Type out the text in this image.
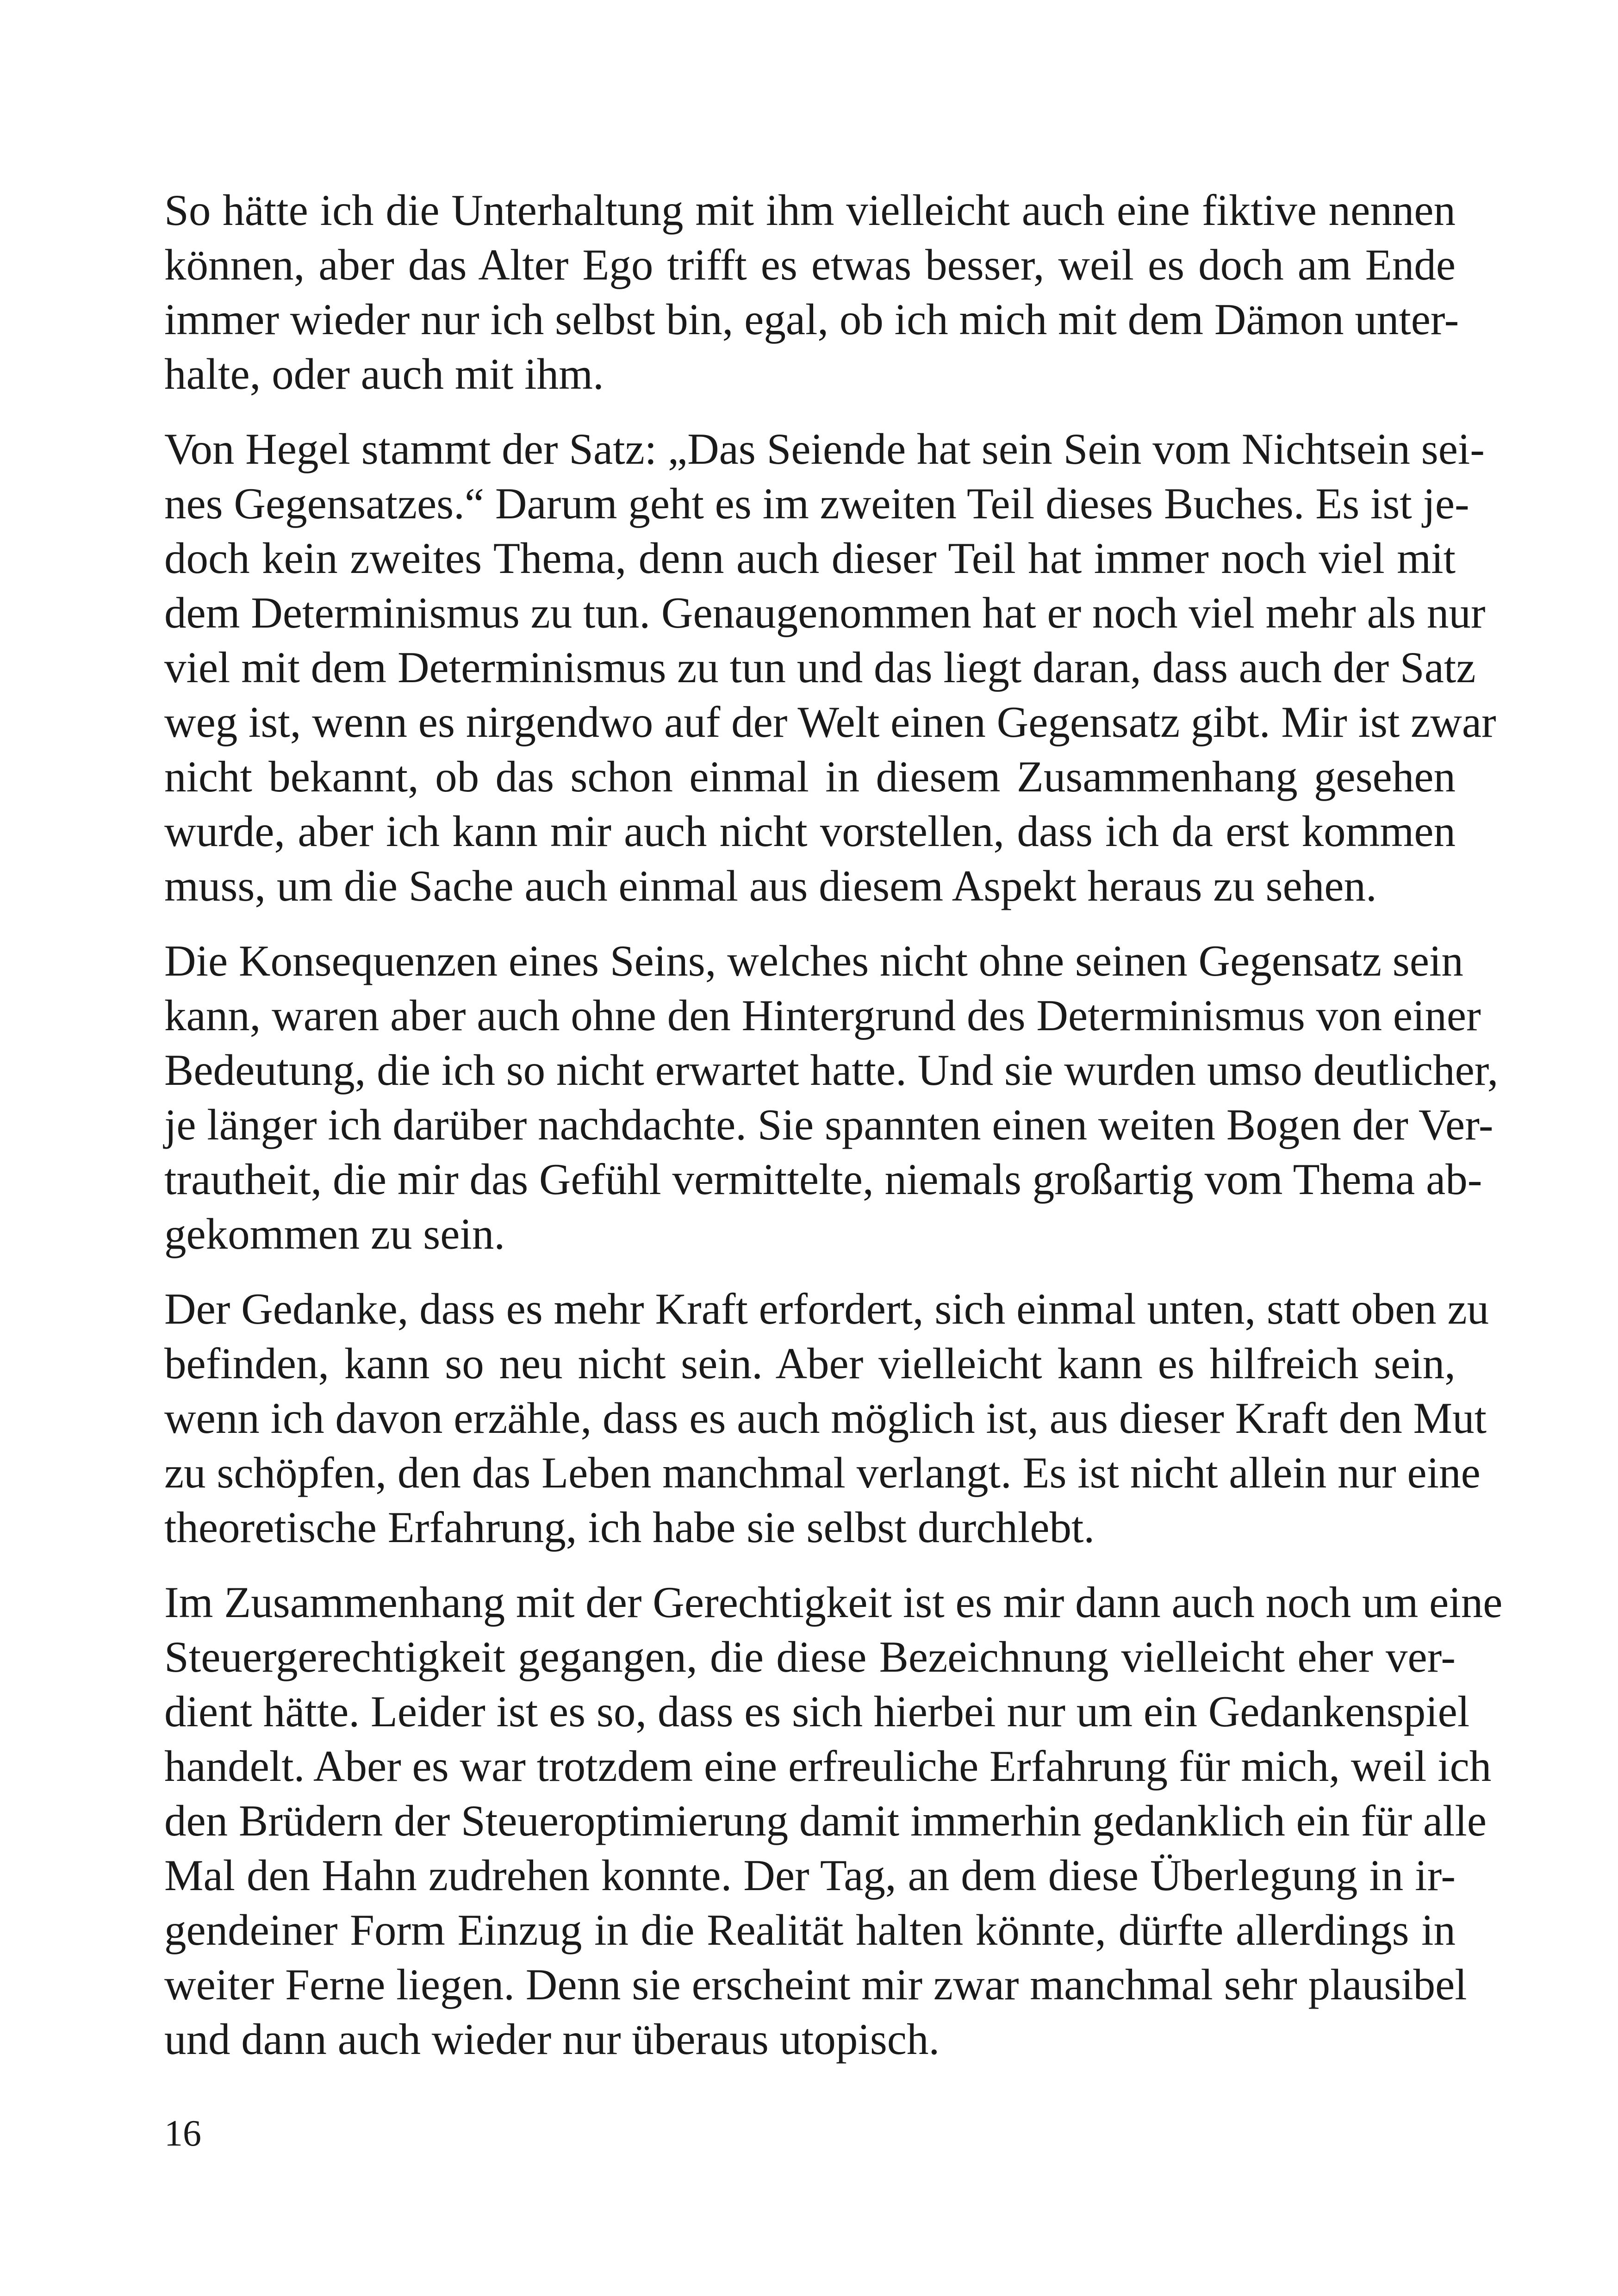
So hätte ich die Unterhaltung mit ihm vielleicht auch eine fiktive nennen
können, aber das Alter Ego trifft es etwas besser, weil es doch am Ende
immer wieder nur ich selbst bin, egal, ob ich mich mit dem Dämon unter-
halte, oder auch mit ihm.

Von Hegel stammt der Satz: „Das Seiende hat sein Sein vom Nichtsein sei-
nes Gegensatzes.“ Darum geht es im zweiten Teil dieses Buches. Es ist je-
doch kein zweites Thema, denn auch dieser Teil hat immer noch viel mit
dem Determinismus zu tun. Genaugenommen hat er noch viel mehr als nur
viel mit dem Determinismus zu tun und das liegt daran, dass auch der Satz
weg ist, wenn es nirgendwo auf der Welt einen Gegensatz gibt. Mir ist zwar
nicht bekannt, ob das schon einmal in diesem Zusammenhang gesehen
wurde, aber ich kann mir auch nicht vorstellen, dass ich da erst kommen
muss, um die Sache auch einmal aus diesem Aspekt heraus zu sehen.

Die Konsequenzen eines Seins, welches nicht ohne seinen Gegensatz sein
kann, waren aber auch ohne den Hintergrund des Determinismus von einer
Bedeutung, die ich so nicht erwartet hatte. Und sie wurden umso deutlicher,
je länger ich darüber nachdachte. Sie spannten einen weiten Bogen der Ver-
trautheit, die mir das Gefühl vermittelte, niemals großartig vom Thema ab-
gekommen zu sein.

Der Gedanke, dass es mehr Kraft erfordert, sich einmal unten, statt oben zu
befinden, kann so neu nicht sein. Aber vielleicht kann es hilfreich sein,
wenn ich davon erzähle, dass es auch möglich ist, aus dieser Kraft den Mut
zu schöpfen, den das Leben manchmal verlangt. Es ist nicht allein nur eine
theoretische Erfahrung, ich habe sie selbst durchlebt.

Im Zusammenhang mit der Gerechtigkeit ist es mir dann auch noch um eine
Steuergerechtigkeit gegangen, die diese Bezeichnung vielleicht eher ver-
dient hätte. Leider ist es so, dass es sich hierbei nur um ein Gedankenspiel
handelt. Aber es war trotzdem eine erfreuliche Erfahrung für mich, weil ich
den Brüdern der Steueroptimierung damit immerhin gedanklich ein für alle
Mal den Hahn zudrehen konnte. Der Tag, an dem diese Überlegung in ir-
gendeiner Form Einzug in die Realität halten könnte, dürfte allerdings in
weiter Ferne liegen. Denn sie erscheint mir zwar manchmal sehr plausibel
und dann auch wieder nur überaus utopisch.

16
